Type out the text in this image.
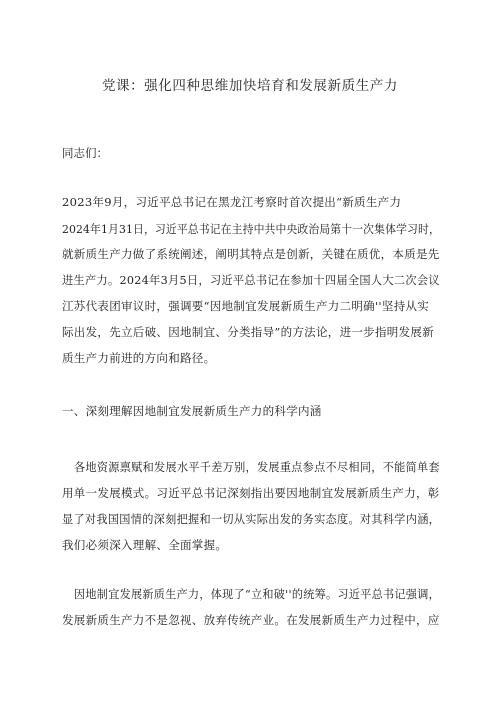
党课：强化四种思维加快培育和发展新质生产力
同志们：
2023年9月，习近平总书记在黑龙江考察时首次提出“新质生产力
2024年1月31日，习近平总书记在主持中共中央政治局第十一次集体学习时，
就新质生产力做了系统阐述，阐明其特点是创新，关键在质优，本质是先
进生产力。2024年3月5日，习近平总书记在参加十四届全国人大二次会议
江苏代表团审议时，强调要“因地制宜发展新质生产力二明确''坚持从实
际出发，先立后破、因地制宜、分类指导”的方法论，进一步指明发展新
质生产力前进的方向和路径。
一、深刻理解因地制宜发展新质生产力的科学内涵
各地资源禀赋和发展水平千差万别，发展重点参点不尽相同，不能简单套
用单一发展模式。习近平总书记深刻指出要因地制宜发展新质生产力，彰
显了对我国国情的深刻把握和一切从实际出发的务实态度。对其科学内涵，
我们必须深入理解、全面掌握。
因地制宜发展新质生产力，体现了“立和破''的统筹。习近平总书记强调，
发展新质生产力不是忽视、放弃传统产业。在发展新质生产力过程中，应
